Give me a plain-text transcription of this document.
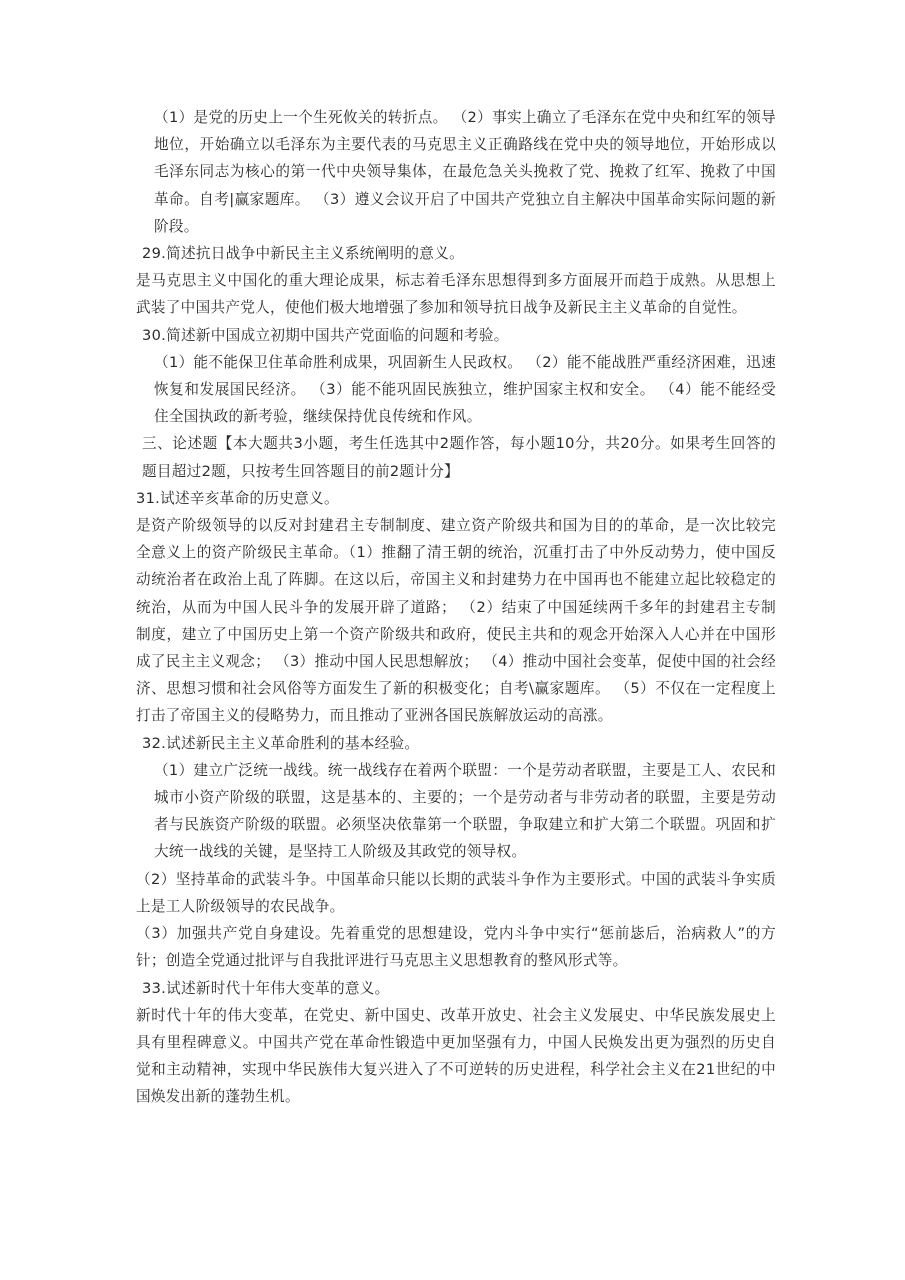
（1）是党的历史上一个生死攸关的转折点。 （2）事实上确立了毛泽东在党中央和红军的领导地位，开始确立以毛泽东为主要代表的马克思主义正确路线在党中央的领导地位，开始形成以毛泽东同志为核心的第一代中央领导集体，在最危急关头挽救了党、挽救了红军、挽救了中国革命。自考|赢家题库。 （3）遵义会议开启了中国共产党独立自主解决中国革命实际问题的新阶段。

29.简述抗日战争中新民主主义系统阐明的意义。

是马克思主义中国化的重大理论成果，标志着毛泽东思想得到多方面展开而趋于成熟。从思想上武装了中国共产党人，使他们极大地增强了参加和领导抗日战争及新民主主义革命的自觉性。

30.简述新中国成立初期中国共产党面临的问题和考验。

（1）能不能保卫住革命胜利成果，巩固新生人民政权。 （2）能不能战胜严重经济困难，迅速恢复和发展国民经济。 （3）能不能巩固民族独立，维护国家主权和安全。 （4）能不能经受住全国执政的新考验，继续保持优良传统和作风。

三、论述题【本大题共3小题，考生任选其中2题作答，每小题10分，共20分。如果考生回答的题目超过2题，只按考生回答题目的前2题计分】

31.试述辛亥革命的历史意义。

是资产阶级领导的以反对封建君主专制制度、建立资产阶级共和国为目的的革命，是一次比较完全意义上的资产阶级民主革命。（1）推翻了清王朝的统治，沉重打击了中外反动势力，使中国反动统治者在政治上乱了阵脚。在这以后，帝国主义和封建势力在中国再也不能建立起比较稳定的统治，从而为中国人民斗争的发展开辟了道路； （2）结束了中国延续两千多年的封建君主专制制度，建立了中国历史上第一个资产阶级共和政府，使民主共和的观念开始深入人心并在中国形成了民主主义观念； （3）推动中国人民思想解放； （4）推动中国社会变革，促使中国的社会经济、思想习惯和社会风俗等方面发生了新的积极变化；自考\赢家题库。 （5）不仅在一定程度上打击了帝国主义的侵略势力，而且推动了亚洲各国民族解放运动的高涨。

32.试述新民主主义革命胜利的基本经验。

（1）建立广泛统一战线。统一战线存在着两个联盟：一个是劳动者联盟，主要是工人、农民和城市小资产阶级的联盟，这是基本的、主要的；一个是劳动者与非劳动者的联盟，主要是劳动者与民族资产阶级的联盟。必须坚决依靠第一个联盟，争取建立和扩大第二个联盟。巩固和扩大统一战线的关键，是坚持工人阶级及其政党的领导权。

（2）坚持革命的武装斗争。中国革命只能以长期的武装斗争作为主要形式。中国的武装斗争实质上是工人阶级领导的农民战争。

（3）加强共产党自身建设。先着重党的思想建设，党内斗争中实行“惩前毖后，治病救人”的方针；创造全党通过批评与自我批评进行马克思主义思想教育的整风形式等。

33.试述新时代十年伟大变革的意义。

新时代十年的伟大变革，在党史、新中国史、改革开放史、社会主义发展史、中华民族发展史上具有里程碑意义。中国共产党在革命性锻造中更加坚强有力，中国人民焕发出更为强烈的历史自觉和主动精神，实现中华民族伟大复兴进入了不可逆转的历史进程，科学社会主义在21世纪的中国焕发出新的蓬勃生机。
